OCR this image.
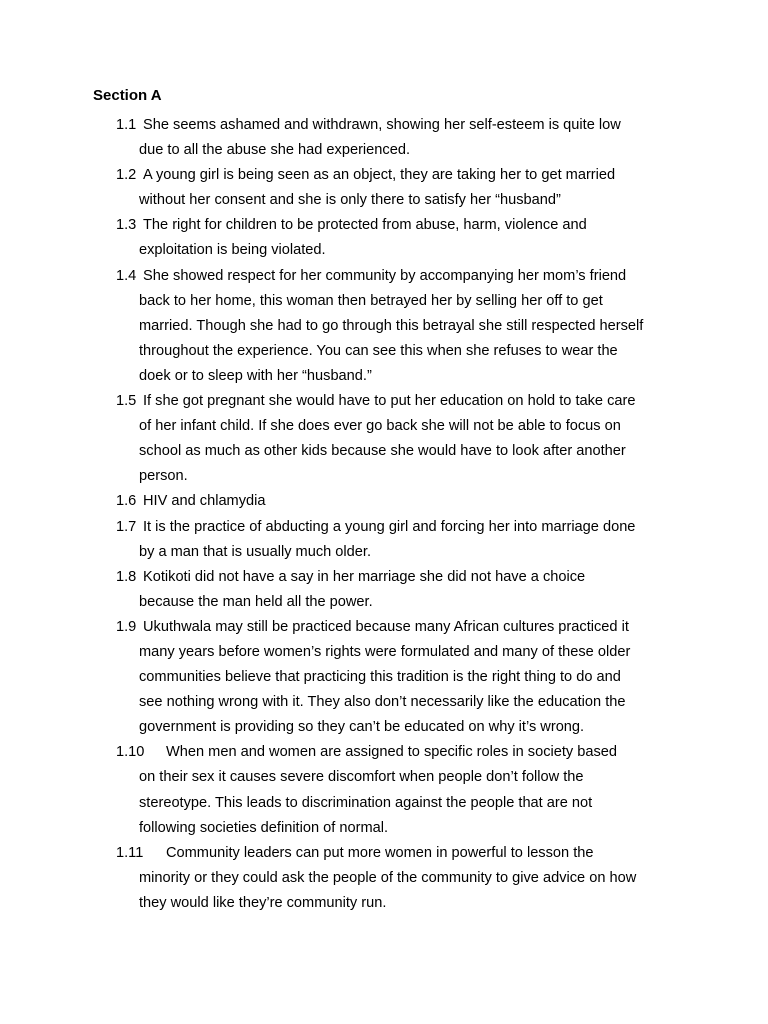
Section A
1.1 She seems ashamed and withdrawn, showing her self-esteem is quite low
due to all the abuse she had experienced.
1.2 A young girl is being seen as an object, they are taking her to get married
without her consent and she is only there to satisfy her “husband”
1.3 The right for children to be protected from abuse, harm, violence and
exploitation is being violated.
1.4 She showed respect for her community by accompanying her mom’s friend
back to her home, this woman then betrayed her by selling her off to get
married. Though she had to go through this betrayal she still respected herself
throughout the experience. You can see this when she refuses to wear the
doek or to sleep with her “husband.”
1.5 If she got pregnant she would have to put her education on hold to take care
of her infant child. If she does ever go back she will not be able to focus on
school as much as other kids because she would have to look after another
person.
1.6 HIV and chlamydia
1.7 It is the practice of abducting a young girl and forcing her into marriage done
by a man that is usually much older.
1.8 Kotikoti did not have a say in her marriage she did not have a choice
because the man held all the power.
1.9 Ukuthwala may still be practiced because many African cultures practiced it
many years before women’s rights were formulated and many of these older
communities believe that practicing this tradition is the right thing to do and
see nothing wrong with it. They also don’t necessarily like the education the
government is providing so they can’t be educated on why it’s wrong.
1.10 When men and women are assigned to specific roles in society based
on their sex it causes severe discomfort when people don’t follow the
stereotype. This leads to discrimination against the people that are not
following societies definition of normal.
1.11 Community leaders can put more women in powerful to lesson the
minority or they could ask the people of the community to give advice on how
they would like they’re community run.
